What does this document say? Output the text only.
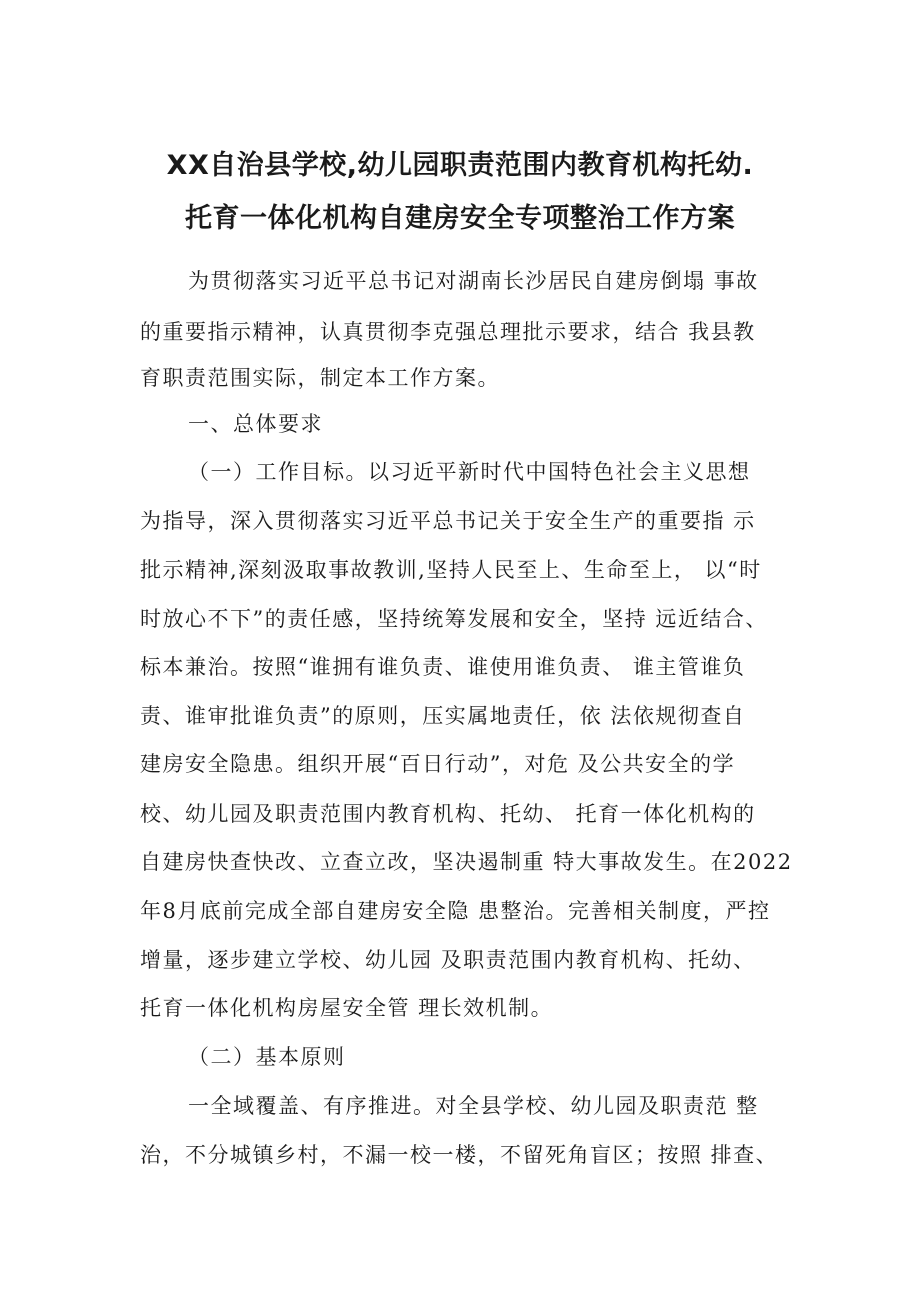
XX自治县学校,幼儿园职责范围内教育机构托幼.
托育一体化机构自建房安全专项整治工作方案
为贯彻落实习近平总书记对湖南长沙居民自建房倒塌 事故
的重要指示精神，认真贯彻李克强总理批示要求，结合 我县教
育职责范围实际，制定本工作方案。
一、总体要求
（一）工作目标。以习近平新时代中国特色社会主义思想
为指导，深入贯彻落实习近平总书记关于安全生产的重要指 示
批示精神,深刻汲取事故教训,坚持人民至上、生命至上， 以“时
时放心不下”的责任感，坚持统筹发展和安全，坚持 远近结合、
标本兼治。按照“谁拥有谁负责、谁使用谁负责、 谁主管谁负
责、谁审批谁负责”的原则，压实属地责任，依 法依规彻查自
建房安全隐患。组织开展“百日行动”，对危 及公共安全的学
校、幼儿园及职责范围内教育机构、托幼、 托育一体化机构的
自建房快查快改、立查立改，坚决遏制重 特大事故发生。在2022
年8月底前完成全部自建房安全隐 患整治。完善相关制度，严控
增量，逐步建立学校、幼儿园 及职责范围内教育机构、托幼、
托育一体化机构房屋安全管 理长效机制。
（二）基本原则
一全域覆盖、有序推进。对全县学校、幼儿园及职责范 整
治，不分城镇乡村，不漏一校一楼，不留死角盲区；按照 排查、
